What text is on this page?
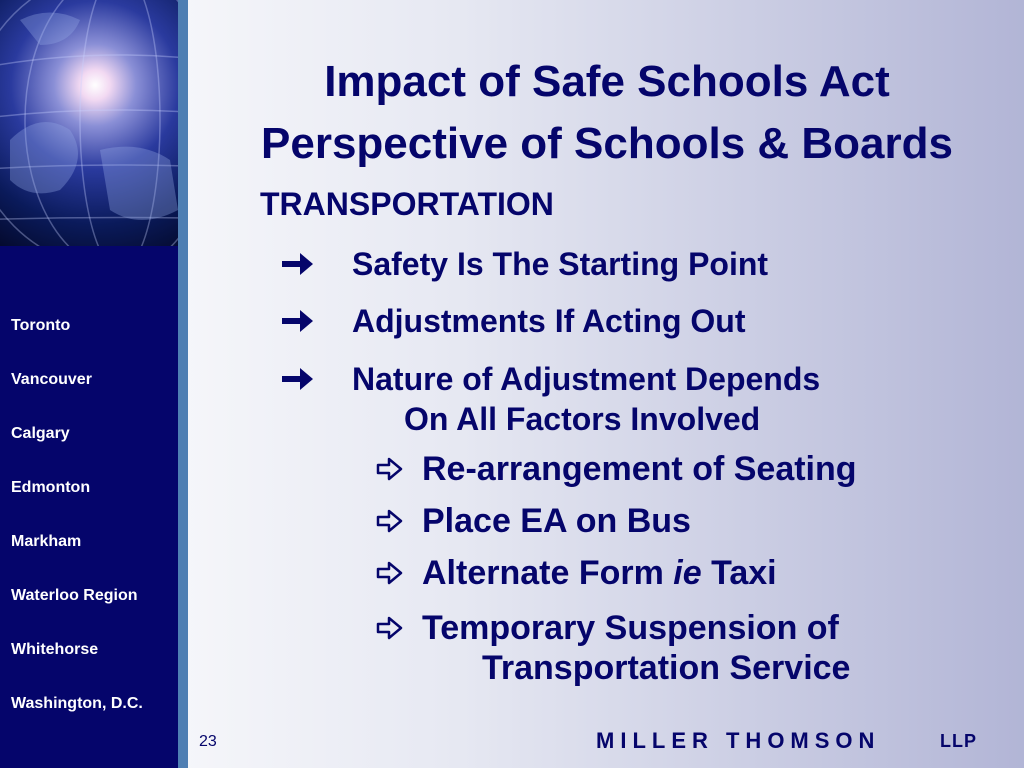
Toronto
Vancouver
Calgary
Edmonton
Markham
Waterloo Region
Whitehorse
Washington, D.C.
Impact of Safe Schools Act
Perspective of Schools & Boards
TRANSPORTATION
Safety Is The Starting Point
Adjustments If Acting Out
Nature of Adjustment Depends
On All Factors Involved
Re-arrangement of Seating
Place EA on Bus
Alternate Form ie Taxi
Temporary Suspension of
Transportation Service
23	MILLER THOMSON	LLP
